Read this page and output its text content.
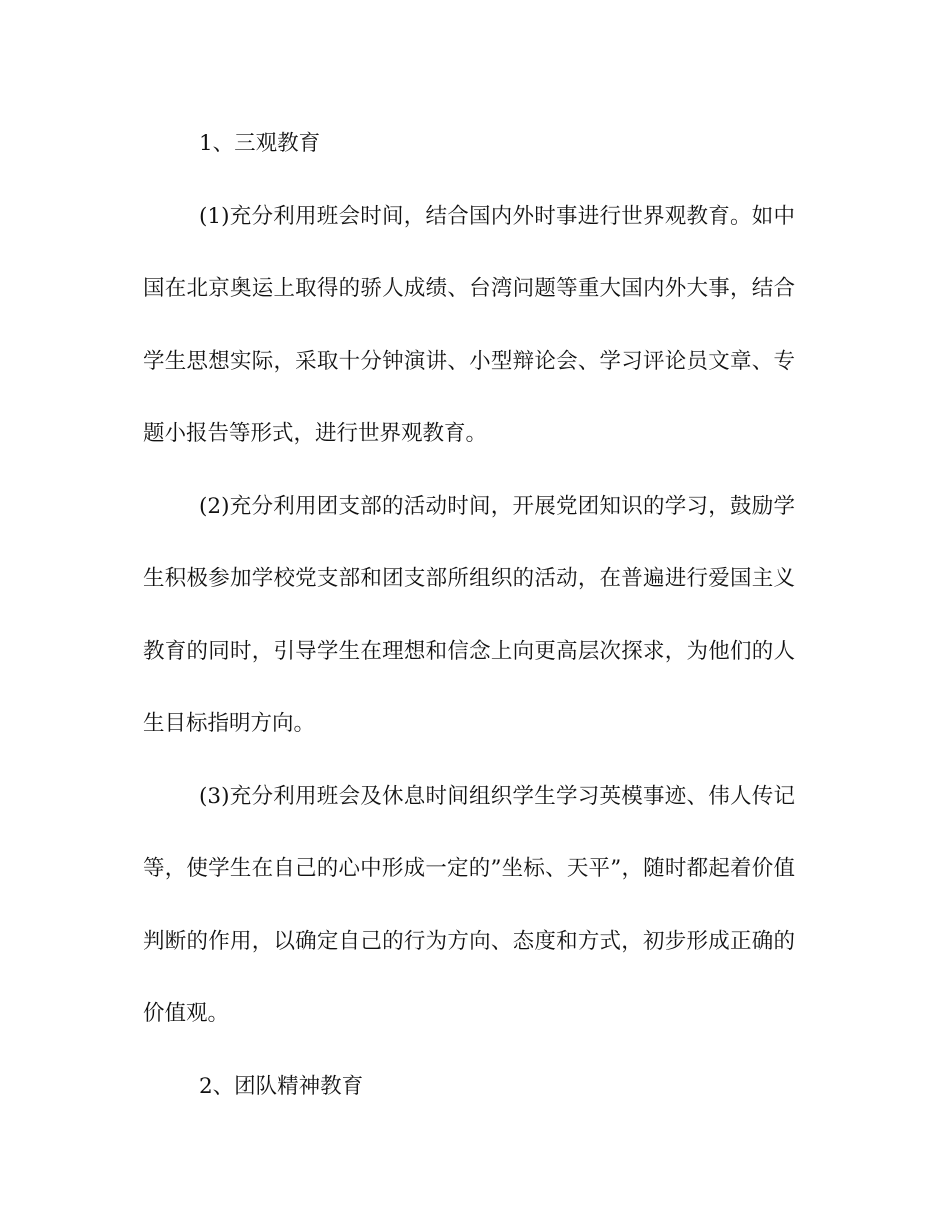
1、三观教育
(1)充分利用班会时间，结合国内外时事进行世界观教育。如中
国在北京奥运上取得的骄人成绩、台湾问题等重大国内外大事，结合
学生思想实际，采取十分钟演讲、小型辩论会、学习评论员文章、专
题小报告等形式，进行世界观教育。
(2)充分利用团支部的活动时间，开展党团知识的学习，鼓励学
生积极参加学校党支部和团支部所组织的活动，在普遍进行爱国主义
教育的同时，引导学生在理想和信念上向更高层次探求，为他们的人
生目标指明方向。
(3)充分利用班会及休息时间组织学生学习英模事迹、伟人传记
等，使学生在自己的心中形成一定的”坐标、天平”，随时都起着价值
判断的作用，以确定自己的行为方向、态度和方式，初步形成正确的
价值观。
2、团队精神教育
